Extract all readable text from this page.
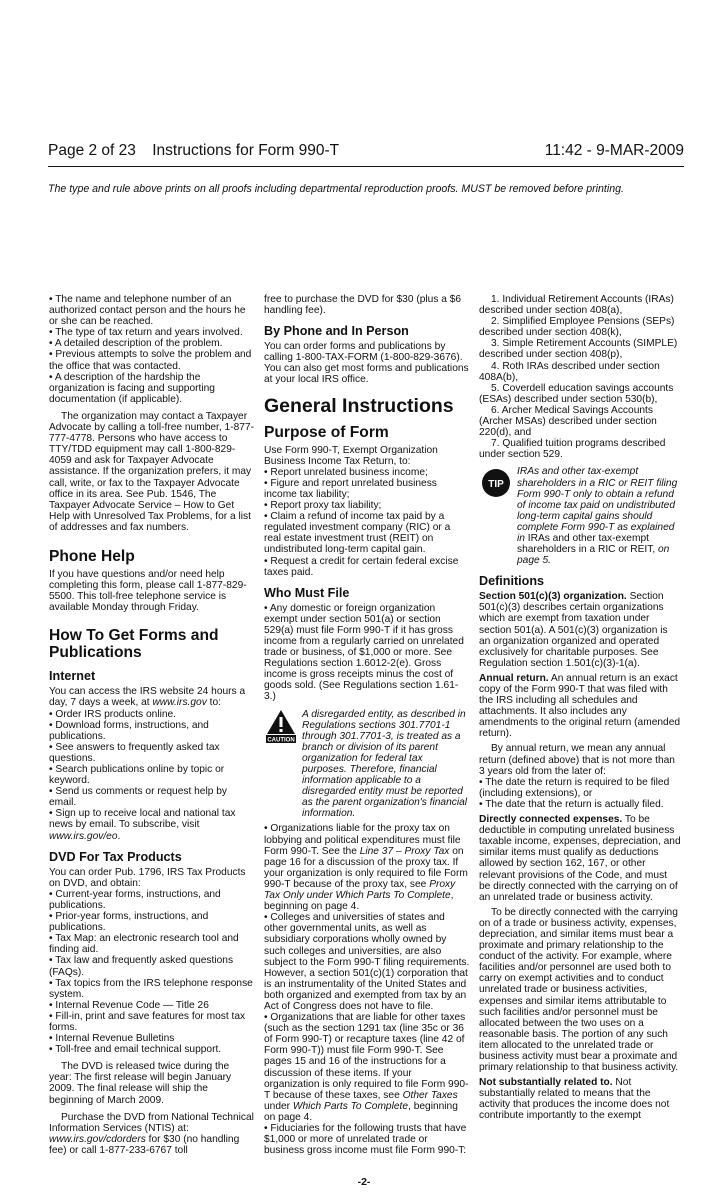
Page 2 of 23 Instructions for Form 990-T	11:42 - 9-MAR-2009
The type and rule above prints on all proofs including departmental reproduction proofs. MUST be removed before printing.

• The name and telephone number of an authorized contact person and the hours he or she can be reached.

• The type of tax return and years involved.

• A detailed description of the problem.

• Previous attempts to solve the problem and the office that was contacted.

• A description of the hardship the organization is facing and supporting documentation (if applicable).

The organization may contact a Taxpayer Advocate by calling a toll-free number, 1-877-777-4778. Persons who have access to TTY/TDD equipment may call 1-800-829-4059 and ask for Taxpayer Advocate assistance. If the organization prefers, it may call, write, or fax to the Taxpayer Advocate office in its area. See Pub. 1546, The Taxpayer Advocate Service – How to Get Help with Unresolved Tax Problems, for a list of addresses and fax numbers.

Phone Help

If you have questions and/or need help completing this form, please call 1-877-829-5500. This toll-free telephone service is available Monday through Friday.

How To Get Forms and Publications
Internet

You can access the IRS website 24 hours a day, 7 days a week, at www.irs.gov to:

• Order IRS products online.

• Download forms, instructions, and publications.

• See answers to frequently asked tax questions.

• Search publications online by topic or keyword.

• Send us comments or request help by email.

• Sign up to receive local and national tax news by email. To subscribe, visit www.irs.gov/eo.

DVD For Tax Products

You can order Pub. 1796, IRS Tax Products on DVD, and obtain:

• Current-year forms, instructions, and publications.

• Prior-year forms, instructions, and publications.

• Tax Map: an electronic research tool and finding aid.

• Tax law and frequently asked questions (FAQs).

• Tax topics from the IRS telephone response system.

• Internal Revenue Code — Title 26

• Fill-in, print and save features for most tax forms.

• Internal Revenue Bulletins

• Toll-free and email technical support.

The DVD is released twice during the year: The first release will begin January 2009. The final release will ship the beginning of March 2009.

Purchase the DVD from National Technical Information Services (NTIS) at: www.irs.gov/cdorders for $30 (no handling fee) or call 1-877-233-6767 toll

free to purchase the DVD for $30 (plus a $6 handling fee).

By Phone and In Person

You can order forms and publications by calling 1-800-TAX-FORM (1-800-829-3676). You can also get most forms and publications at your local IRS office.

General Instructions
Purpose of Form

Use Form 990-T, Exempt Organization Business Income Tax Return, to:

• Report unrelated business income;

• Figure and report unrelated business income tax liability;

• Report proxy tax liability;

• Claim a refund of income tax paid by a regulated investment company (RIC) or a real estate investment trust (REIT) on undistributed long-term capital gain.

• Request a credit for certain federal excise taxes paid.

Who Must File

• Any domestic or foreign organization exempt under section 501(a) or section 529(a) must file Form 990-T if it has gross income from a regularly carried on unrelated trade or business, of $1,000 or more. See Regulations section 1.6012-2(e). Gross income is gross receipts minus the cost of goods sold. (See Regulations section 1.61-3.)

CAUTION

A disregarded entity, as described in Regulations sections 301.7701-1 through 301.7701-3, is treated as a branch or division of its parent organization for federal tax purposes. Therefore, financial information applicable to a disregarded entity must be reported as the parent organization's financial information.

• Organizations liable for the proxy tax on lobbying and political expenditures must file Form 990-T. See the Line 37 – Proxy Tax on page 16 for a discussion of the proxy tax. If your organization is only required to file Form 990-T because of the proxy tax, see Proxy Tax Only under Which Parts To Complete, beginning on page 4.

• Colleges and universities of states and other governmental units, as well as subsidiary corporations wholly owned by such colleges and universities, are also subject to the Form 990-T filing requirements. However, a section 501(c)(1) corporation that is an instrumentality of the United States and both organized and exempted from tax by an Act of Congress does not have to file.

• Organizations that are liable for other taxes (such as the section 1291 tax (line 35c or 36 of Form 990-T) or recapture taxes (line 42 of Form 990-T)) must file Form 990-T. See pages 15 and 16 of the instructions for a discussion of these items. If your organization is only required to file Form 990-T because of these taxes, see Other Taxes under Which Parts To Complete, beginning on page 4.

• Fiduciaries for the following trusts that have $1,000 or more of unrelated trade or business gross income must file Form 990-T:

1. Individual Retirement Accounts (IRAs) described under section 408(a),

2. Simplified Employee Pensions (SEPs) described under section 408(k),

3. Simple Retirement Accounts (SIMPLE) described under section 408(p),

4. Roth IRAs described under section 408A(b),

5. Coverdell education savings accounts (ESAs) described under section 530(b),

6. Archer Medical Savings Accounts (Archer MSAs) described under section 220(d), and

7. Qualified tuition programs described under section 529.

TIP

IRAs and other tax-exempt shareholders in a RIC or REIT filing Form 990-T only to obtain a refund of income tax paid on undistributed long-term capital gains should complete Form 990-T as explained in IRAs and other tax-exempt shareholders in a RIC or REIT, on page 5.

Definitions

Section 501(c)(3) organization. Section 501(c)(3) describes certain organizations which are exempt from taxation under section 501(a). A 501(c)(3) organization is an organization organized and operated exclusively for charitable purposes. See Regulation section 1.501(c)(3)-1(a).

Annual return. An annual return is an exact copy of the Form 990-T that was filed with the IRS including all schedules and attachments. It also includes any amendments to the original return (amended return).

By annual return, we mean any annual return (defined above) that is not more than 3 years old from the later of:

• The date the return is required to be filed (including extensions), or

• The date that the return is actually filed.

Directly connected expenses. To be deductible in computing unrelated business taxable income, expenses, depreciation, and similar items must qualify as deductions allowed by section 162, 167, or other relevant provisions of the Code, and must be directly connected with the carrying on of an unrelated trade or business activity.

To be directly connected with the carrying on of a trade or business activity, expenses, depreciation, and similar items must bear a proximate and primary relationship to the conduct of the activity. For example, where facilities and/or personnel are used both to carry on exempt activities and to conduct unrelated trade or business activities, expenses and similar items attributable to such facilities and/or personnel must be allocated between the two uses on a reasonable basis. The portion of any such item allocated to the unrelated trade or business activity must bear a proximate and primary relationship to that business activity.

Not substantially related to. Not substantially related to means that the activity that produces the income does not contribute importantly to the exempt

-2-
